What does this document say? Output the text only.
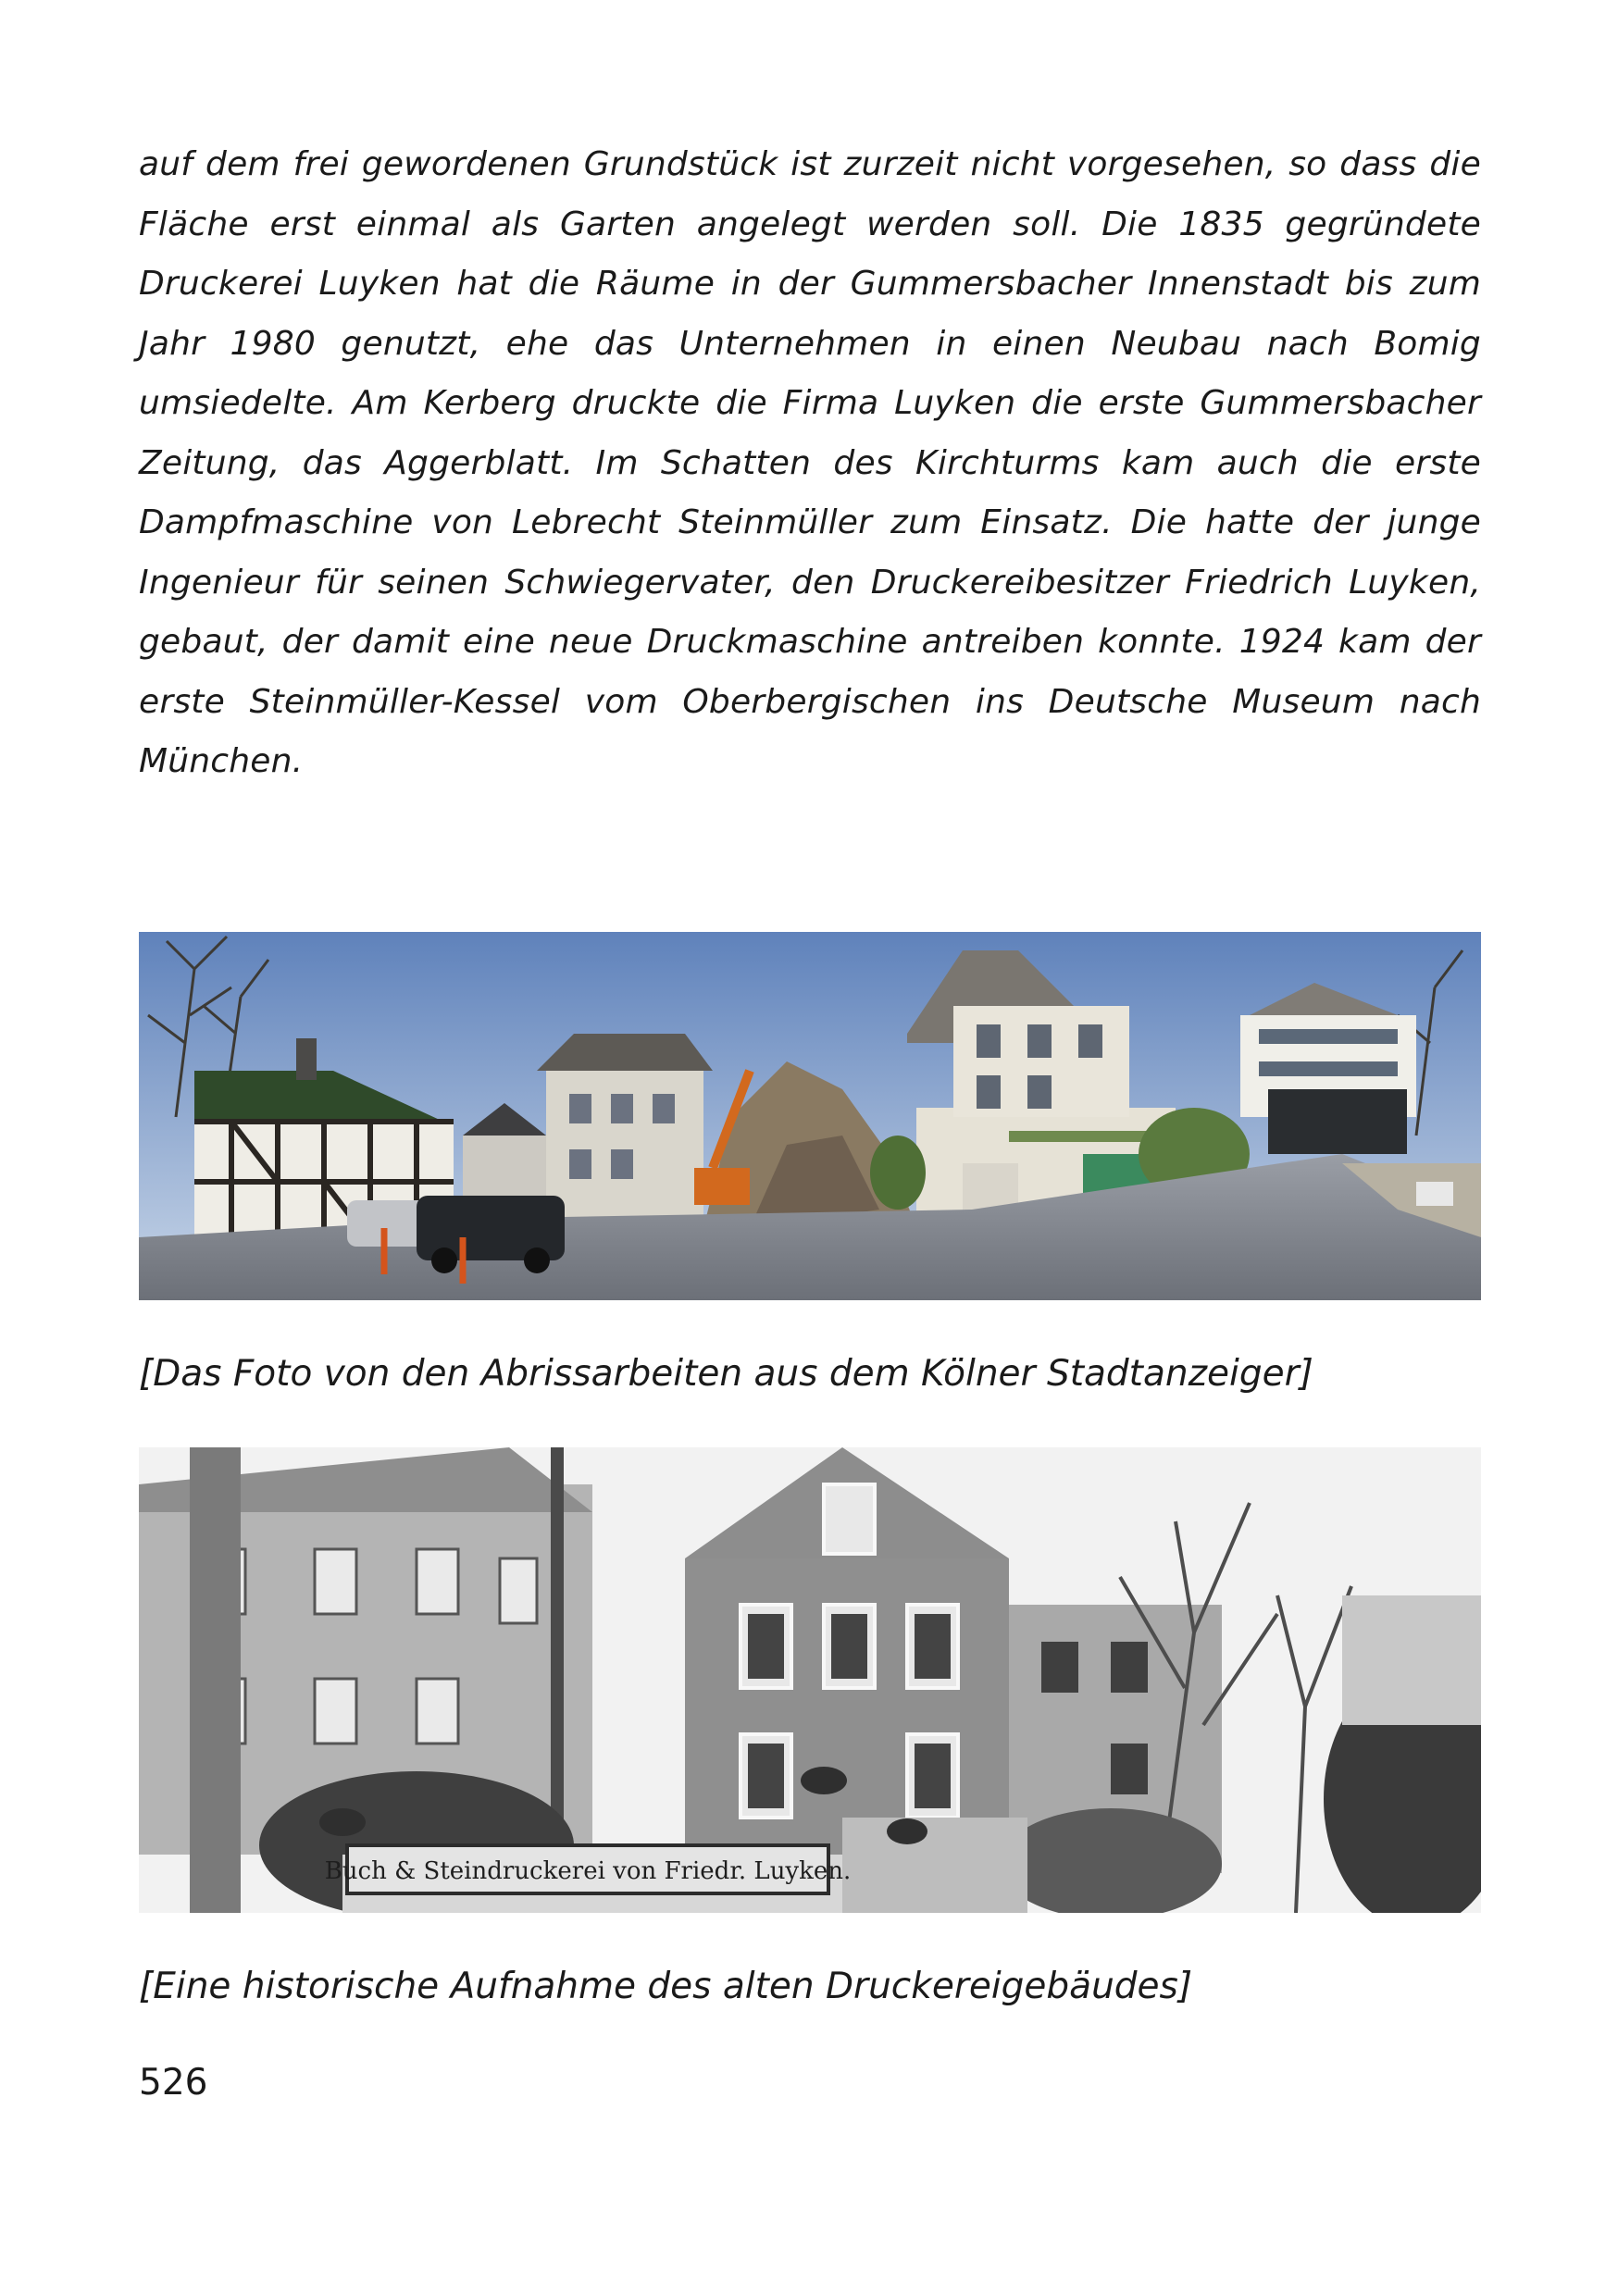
auf dem frei gewordenen Grundstück ist zurzeit nicht vorgesehen, so dass die Fläche erst einmal als Garten angelegt werden soll. Die 1835 gegründete Druckerei Luyken hat die Räume in der Gummersbacher Innenstadt bis zum Jahr 1980 genutzt, ehe das Unternehmen in einen Neubau nach Bomig umsiedelte. Am Kerberg druckte die Firma Luyken die erste Gummersbacher Zeitung, das Aggerblatt. Im Schatten des Kirchturms kam auch die erste Dampfmaschine von Lebrecht Steinmüller zum Einsatz. Die hatte der junge Ingenieur für seinen Schwiegervater, den Druckereibesitzer Friedrich Luyken, gebaut, der damit eine neue Druckmaschine antreiben konnte. 1924 kam der erste Steinmüller-Kessel vom Oberbergischen ins Deutsche Museum nach München.

[Das Foto von den Abrissarbeiten aus dem Kölner Stadtanzeiger]

Buch & Steindruckerei von Friedr. Luyken.

[Eine historische Aufnahme des alten Druckereigebäudes]

526
